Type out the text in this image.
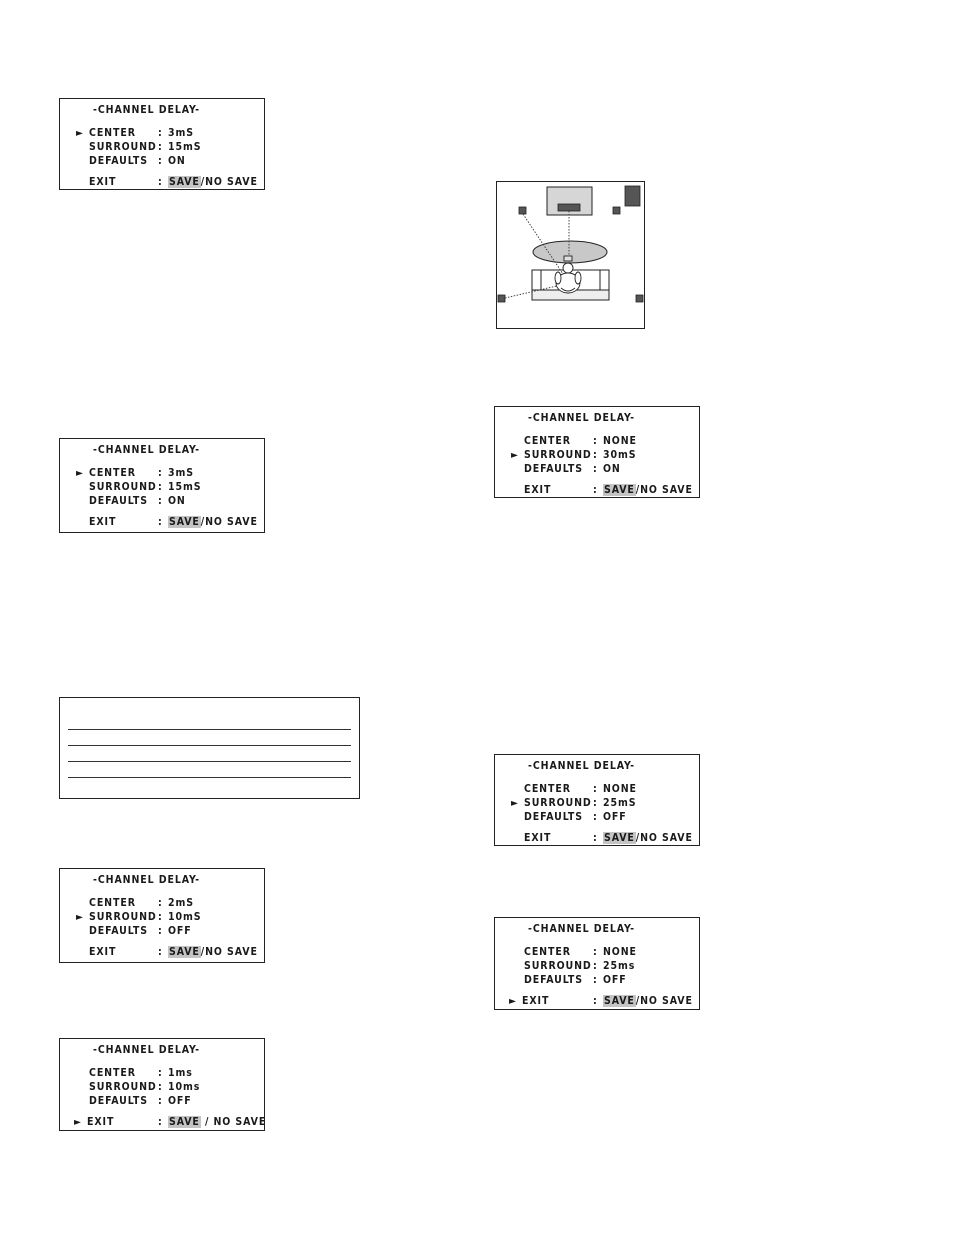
-CHANNEL DELAY-
► CENTER : 3mS
SURROUND : 15mS
DEFAULTS : ON
EXIT	: SAVE/NO SAVE
-CHANNEL DELAY-
► CENTER : 3mS
SURROUND : 15mS
DEFAULTS : ON
EXIT	: SAVE/NO SAVE
-CHANNEL DELAY-
CENTER : 2mS
► SURROUND : 10mS
DEFAULTS : OFF
EXIT	: SAVE/NO SAVE
-CHANNEL DELAY-
CENTER : 1ms
SURROUND : 10ms
DEFAULTS : OFF
► EXIT	: SAVE / NO SAVE
-CHANNEL DELAY-
CENTER : NONE
► SURROUND : 30mS
DEFAULTS : ON
EXIT	: SAVE/NO SAVE
-CHANNEL DELAY-
CENTER : NONE
► SURROUND : 25mS
DEFAULTS : OFF
EXIT	: SAVE/NO SAVE
-CHANNEL DELAY-
CENTER : NONE
SURROUND : 25ms
DEFAULTS : OFF
► EXIT	: SAVE/NO SAVE
